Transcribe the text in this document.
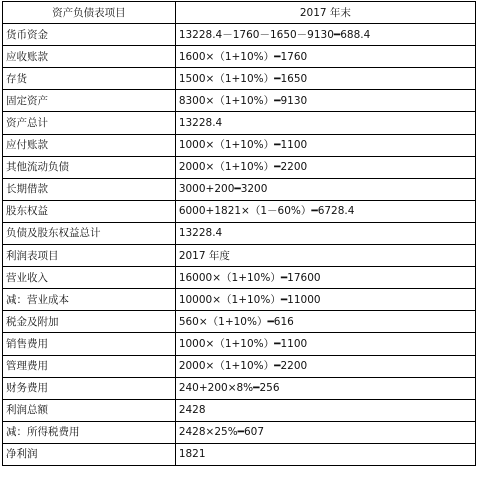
资产负债表项目	2017 年末
货币资金	13228.4－1760－1650－9130━688.4
应收账款	1600×（1+10%）━1760
存货	1500×（1+10%）━1650
固定资产	8300×（1+10%）━9130
资产总计	13228.4
应付账款	1000×（1+10%）━1100
其他流动负债	2000×（1+10%）━2200
长期借款	3000+200━3200
股东权益	6000+1821×（1－60%）━6728.4
负债及股东权益总计	13228.4
利润表项目	2017 年度
营业收入	16000×（1+10%）━17600
减：营业成本	10000×（1+10%）━11000
税金及附加	560×（1+10%）━616
销售费用	1000×（1+10%）━1100
管理费用	2000×（1+10%）━2200
财务费用	240+200×8%━256
利润总额	2428
减：所得税费用	2428×25%━607
净利润	1821
